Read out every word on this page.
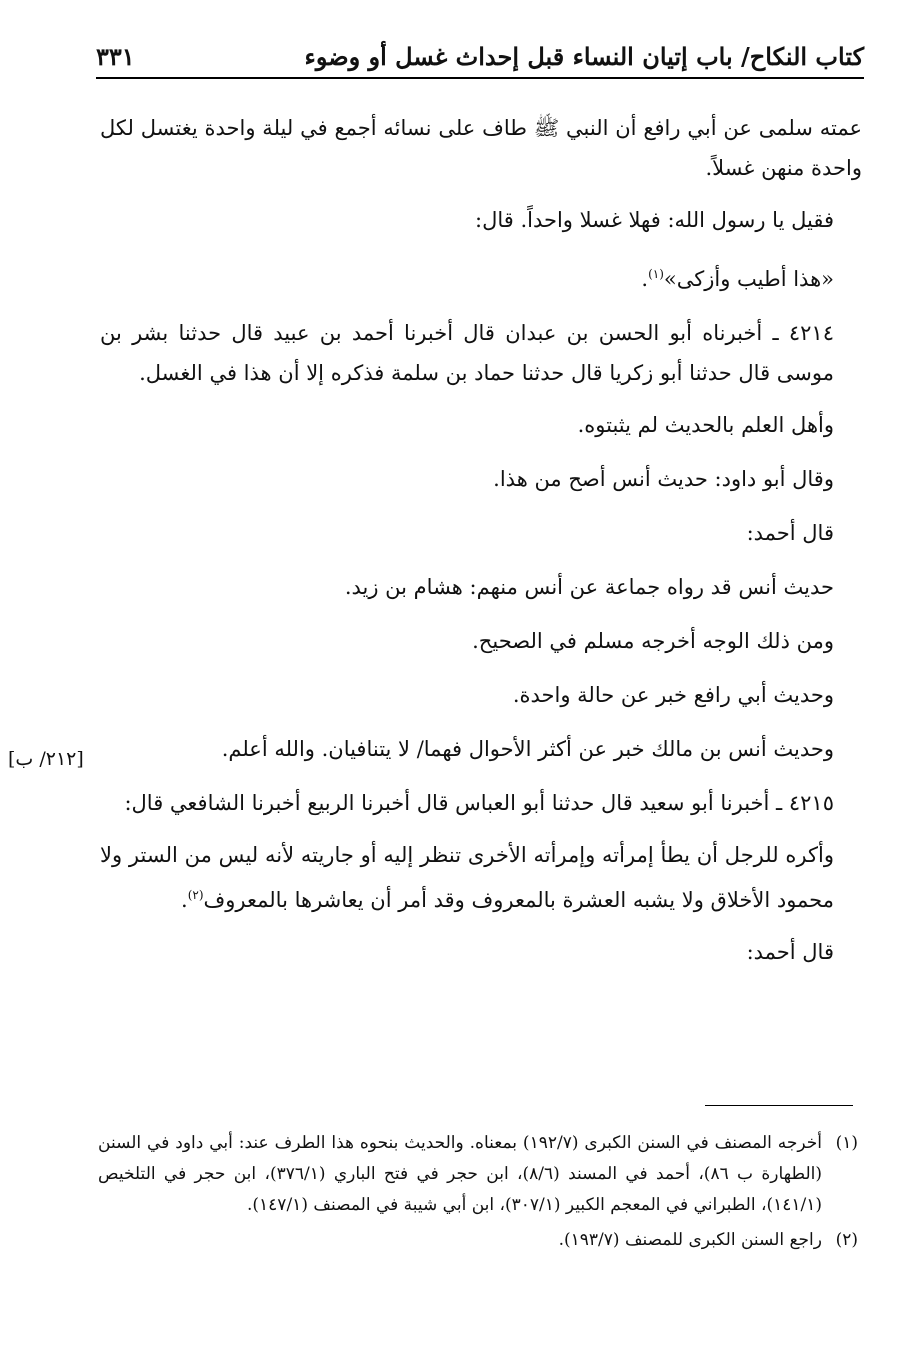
كتاب النكاح/ باب إتيان النساء قبل إحداث غسل أو وضوء
٣٣١

عمته سلمى عن أبي رافع أن النبي ﷺ طاف على نسائه أجمع في ليلة واحدة يغتسل لكل واحدة منهن غسلاً.

فقيل يا رسول الله: فهلا غسلا واحداً. قال:

«هذا أطيب وأزكى»$^{(١)}$.

٤٢١٤ ـ أخبرناه أبو الحسن بن عبدان قال أخبرنا أحمد بن عبيد قال حدثنا بشر بن موسى قال حدثنا أبو زكريا قال حدثنا حماد بن سلمة فذكره إلا أن هذا في الغسل.

وأهل العلم بالحديث لم يثبتوه.

وقال أبو داود: حديث أنس أصح من هذا.

قال أحمد:

حديث أنس قد رواه جماعة عن أنس منهم: هشام بن زيد.

ومن ذلك الوجه أخرجه مسلم في الصحيح.

وحديث أبي رافع خبر عن حالة واحدة.

وحديث أنس بن مالك خبر عن أكثر الأحوال فهما/ لا يتنافيان. والله أعلم.

٤٢١٥ ـ أخبرنا أبو سعيد قال حدثنا أبو العباس قال أخبرنا الربيع أخبرنا الشافعي قال:

وأكره للرجل أن يطأ إمرأته وإمرأته الأخرى تنظر إليه أو جاريته لأنه ليس من الستر ولا محمود الأخلاق ولا يشبه العشرة بالمعروف وقد أمر أن يعاشرها بالمعروف$^{(٢)}$.

قال أحمد:

[٢١٢/ ب]
(١)
أخرجه المصنف في السنن الكبرى (١٩٢/٧) بمعناه. والحديث بنحوه هذا الطرف عند: أبي داود في السنن (الطهارة ب ٨٦)، أحمد في المسند (٨/٦)، ابن حجر في فتح الباري (٣٧٦/١)، ابن حجر في التلخيص (١٤١/١)، الطبراني في المعجم الكبير (٣٠٧/١)، ابن أبي شيبة في المصنف (١٤٧/١).
(٢)
راجع السنن الكبرى للمصنف (١٩٣/٧).
